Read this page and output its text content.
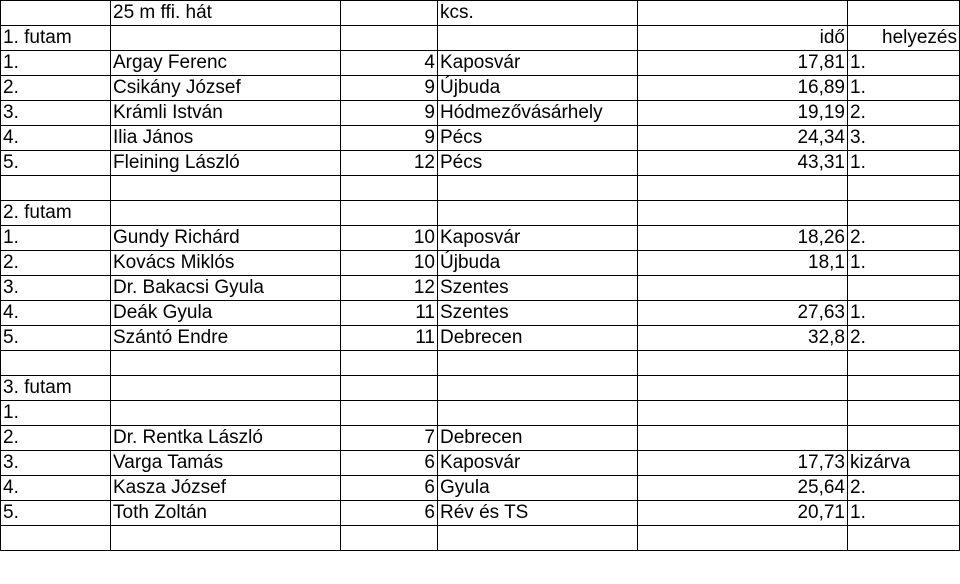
	25 m ffi. hát		kcs.		
1. futam				idő	helyezés
1.	Argay Ferenc	4	Kaposvár	17,81	1.
2.	Csikány József	9	Újbuda	16,89	1.
3.	Krámli István	9	Hódmezővásárhely	19,19	2.
4.	Ilia János	9	Pécs	24,34	3.
5.	Fleining László	12	Pécs	43,31	1.

2. futam					
1.	Gundy Richárd	10	Kaposvár	18,26	2.
2.	Kovács Miklós	10	Újbuda	18,1	1.
3.	Dr. Bakacsi Gyula	12	Szentes		
4.	Deák Gyula	11	Szentes	27,63	1.
5.	Szántó Endre	11	Debrecen	32,8	2.

3. futam					
1.					
2.	Dr. Rentka László	7	Debrecen		
3.	Varga Tamás	6	Kaposvár	17,73	kizárva
4.	Kasza József	6	Gyula	25,64	2.
5.	Toth Zoltán	6	Rév és TS	20,71	1.
